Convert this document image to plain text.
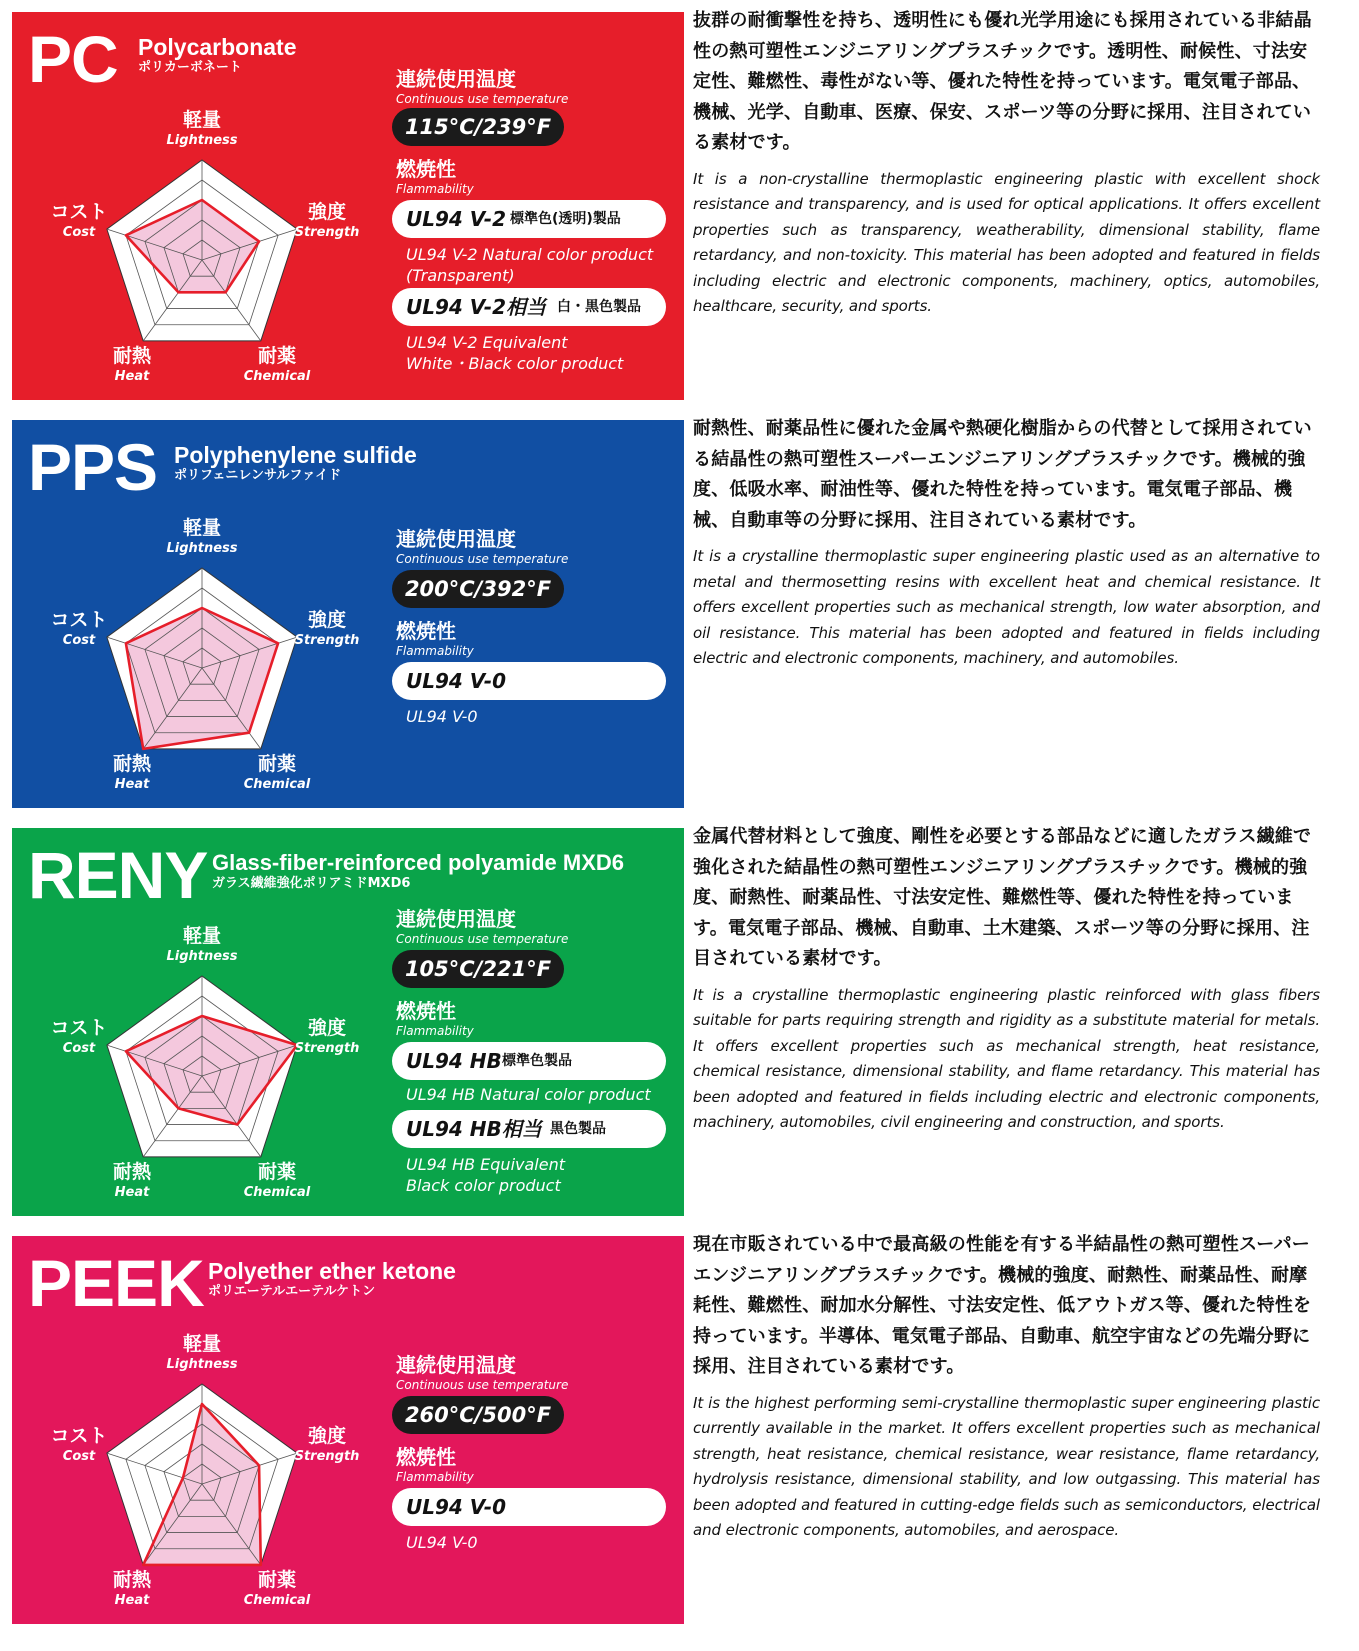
PC Polycarbonate
ポリカーボネート
軽量
Lightness
強度
Strength
耐薬
Chemical
耐熱
Heat
コスト
Cost
連続使用温度
Continuous use temperature
115°C/239°F
燃焼性
Flammability
UL94 V-2 標準色(透明)製品
UL94 V-2 Natural color product
(Transparent)
UL94 V-2相当 白・黒色製品
UL94 V-2 Equivalent
White・Black color product

抜群の耐衝撃性を持ち、透明性にも優れ光学用途にも採用されている非結晶性の熱可塑性エンジニアリングプラスチックです。透明性、耐候性、寸法安定性、難燃性、毒性がない等、優れた特性を持っています。電気電子部品、機械、光学、自動車、医療、保安、スポーツ等の分野に採用、注目されている素材です。

It is a non-crystalline thermoplastic engineering plastic with excellent shock resistance and transparency, and is used for optical applications. It offers excellent properties such as transparency, weatherability, dimensional stability, flame retardancy, and non-toxicity. This material has been adopted and featured in fields including electric and electronic components, machinery, optics, automobiles, healthcare, security, and sports.

PPS Polyphenylene sulfide
ポリフェニレンサルファイド
軽量
Lightness
強度
Strength
耐薬
Chemical
耐熱
Heat
コスト
Cost
連続使用温度
Continuous use temperature
200°C/392°F
燃焼性
Flammability
UL94 V-0
UL94 V-0

耐熱性、耐薬品性に優れた金属や熱硬化樹脂からの代替として採用されている結晶性の熱可塑性スーパーエンジニアリングプラスチックです。機械的強度、低吸水率、耐油性等、優れた特性を持っています。電気電子部品、機械、自動車等の分野に採用、注目されている素材です。

It is a crystalline thermoplastic super engineering plastic used as an alternative to metal and thermosetting resins with excellent heat and chemical resistance. It offers excellent properties such as mechanical strength, low water absorption, and oil resistance. This material has been adopted and featured in fields including electric and electronic components, machinery, and automobiles.

RENY Glass-fiber-reinforced polyamide MXD6
ガラス繊維強化ポリアミドMXD6
軽量
Lightness
強度
Strength
耐薬
Chemical
耐熱
Heat
コスト
Cost
連続使用温度
Continuous use temperature
105°C/221°F
燃焼性
Flammability
UL94 HB 標準色製品
UL94 HB Natural color product
UL94 HB相当 黒色製品
UL94 HB Equivalent
Black color product

金属代替材料として強度、剛性を必要とする部品などに適したガラス繊維で強化された結晶性の熱可塑性エンジニアリングプラスチックです。機械的強度、耐熱性、耐薬品性、寸法安定性、難燃性等、優れた特性を持っています。電気電子部品、機械、自動車、土木建築、スポーツ等の分野に採用、注目されている素材です。

It is a crystalline thermoplastic engineering plastic reinforced with glass fibers suitable for parts requiring strength and rigidity as a substitute material for metals. It offers excellent properties such as mechanical strength, heat resistance, chemical resistance, dimensional stability, and flame retardancy. This material has been adopted and featured in fields including electric and electronic components, machinery, automobiles, civil engineering and construction, and sports.

PEEK Polyether ether ketone
ポリエーテルエーテルケトン
軽量
Lightness
強度
Strength
耐薬
Chemical
耐熱
Heat
コスト
Cost
連続使用温度
Continuous use temperature
260°C/500°F
燃焼性
Flammability
UL94 V-0
UL94 V-0

現在市販されている中で最高級の性能を有する半結晶性の熱可塑性スーパーエンジニアリングプラスチックです。機械的強度、耐熱性、耐薬品性、耐摩耗性、難燃性、耐加水分解性、寸法安定性、低アウトガス等、優れた特性を持っています。半導体、電気電子部品、自動車、航空宇宙などの先端分野に採用、注目されている素材です。

It is the highest performing semi-crystalline thermoplastic super engineering plastic currently available in the market. It offers excellent properties such as mechanical strength, heat resistance, chemical resistance, wear resistance, flame retardancy, hydrolysis resistance, dimensional stability, and low outgassing. This material has been adopted and featured in cutting-edge fields such as semiconductors, electrical and electronic components, automobiles, and aerospace.
